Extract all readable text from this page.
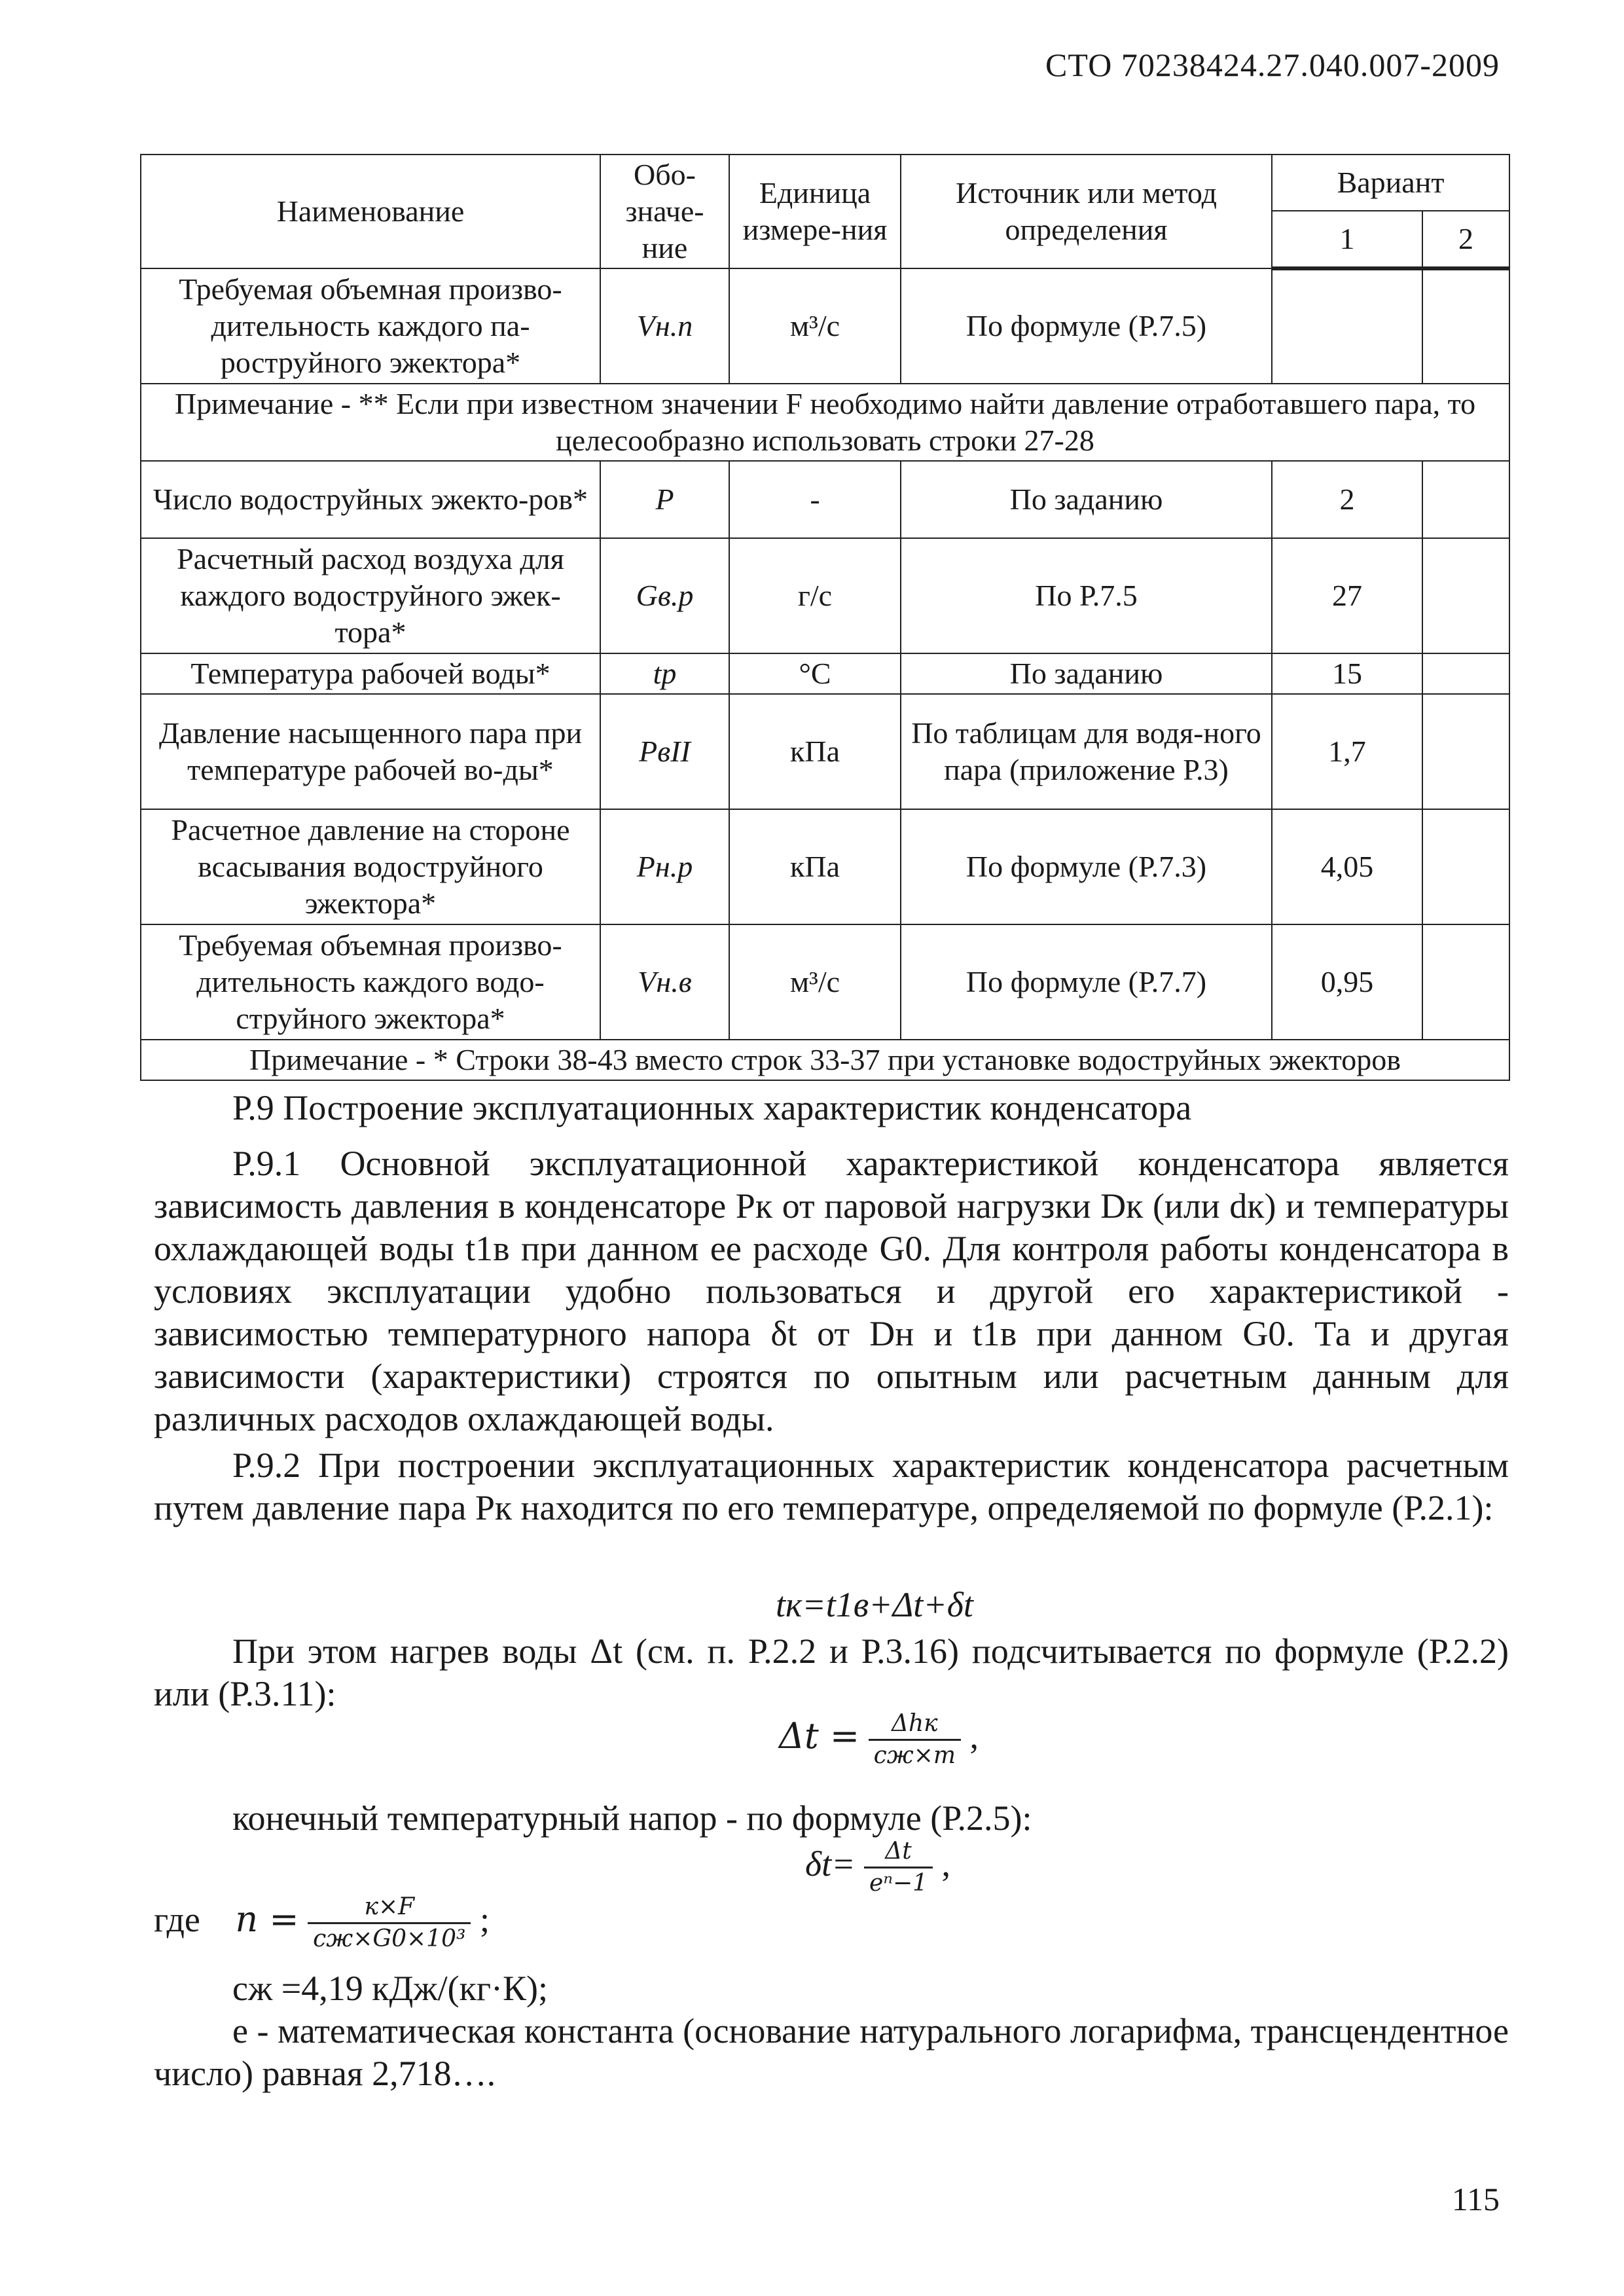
СТО 70238424.27.040.007-2009
Наименование	Обо-значе-ние	Единица измере-ния	Источник или метод определения	Вариант	
				1	2
Требуемая объемная произво-дительность каждого па-роструйного эжектора*	Vн.п	м³/с	По формуле (Р.7.5)		
Примечание - ** Если при известном значении F необходимо найти давление отработавшего пара, то целесообразно использовать строки 27-28					
Число водоструйных эжекто-ров*	P	-	По заданию	2	
Расчетный расход воздуха для каждого водоструйного эжек-тора*	Gв.р	г/с	По Р.7.5	27	
Температура рабочей воды*	tр	°С	По заданию	15	
Давление насыщенного пара при температуре рабочей во-ды*	PвII	кПа	По таблицам для водя-ного пара (приложение Р.3)	1,7	
Расчетное давление на стороне всасывания водоструйного эжектора*	Pн.р	кПа	По формуле (Р.7.3)	4,05	
Требуемая объемная произво-дительность каждого водо-струйного эжектора*	Vн.в	м³/с	По формуле (Р.7.7)	0,95	
Примечание - * Строки 38-43 вместо строк 33-37 при установке водоструйных эжекторов					

Р.9 Построение эксплуатационных характеристик конденсатора

Р.9.1 Основной эксплуатационной характеристикой конденсатора является зависимость давления в конденсаторе Pк от паровой нагрузки Dк (или dк) и температуры охлаждающей воды t1в при данном ее расходе G0. Для контроля работы конденсатора в условиях эксплуатации удобно пользоваться и другой его характеристикой - зависимостью температурного напора δt от Dн и t1в при данном G0. Та и другая зависимости (характеристики) строятся по опытным или расчетным данным для различных расходов охлаждающей воды.

Р.9.2 При построении эксплуатационных характеристик конденсатора расчетным путем давление пара Pк находится по его температуре, определяемой по формуле (Р.2.1):

tк=t1в+Δt+δt

При этом нагрев воды Δt (см. п. Р.2.2 и Р.3.16) подсчитывается по формуле (Р.2.2) или (Р.3.11):

$\Delta t = \frac{\text{Δhк}}{cж\times m}$ ,

конечный температурный напор - по формуле (Р.2.5):

$\delta t= \frac{\Delta t}{\text{eⁿ−1}}$ ,
где $n = \frac{к\times F}{\text{cж×G0×10³}}$ ;

cж =4,19 кДж/(кг·К);

e - математическая константа (основание натурального логарифма, трансцендентное число) равная 2,718….

115
